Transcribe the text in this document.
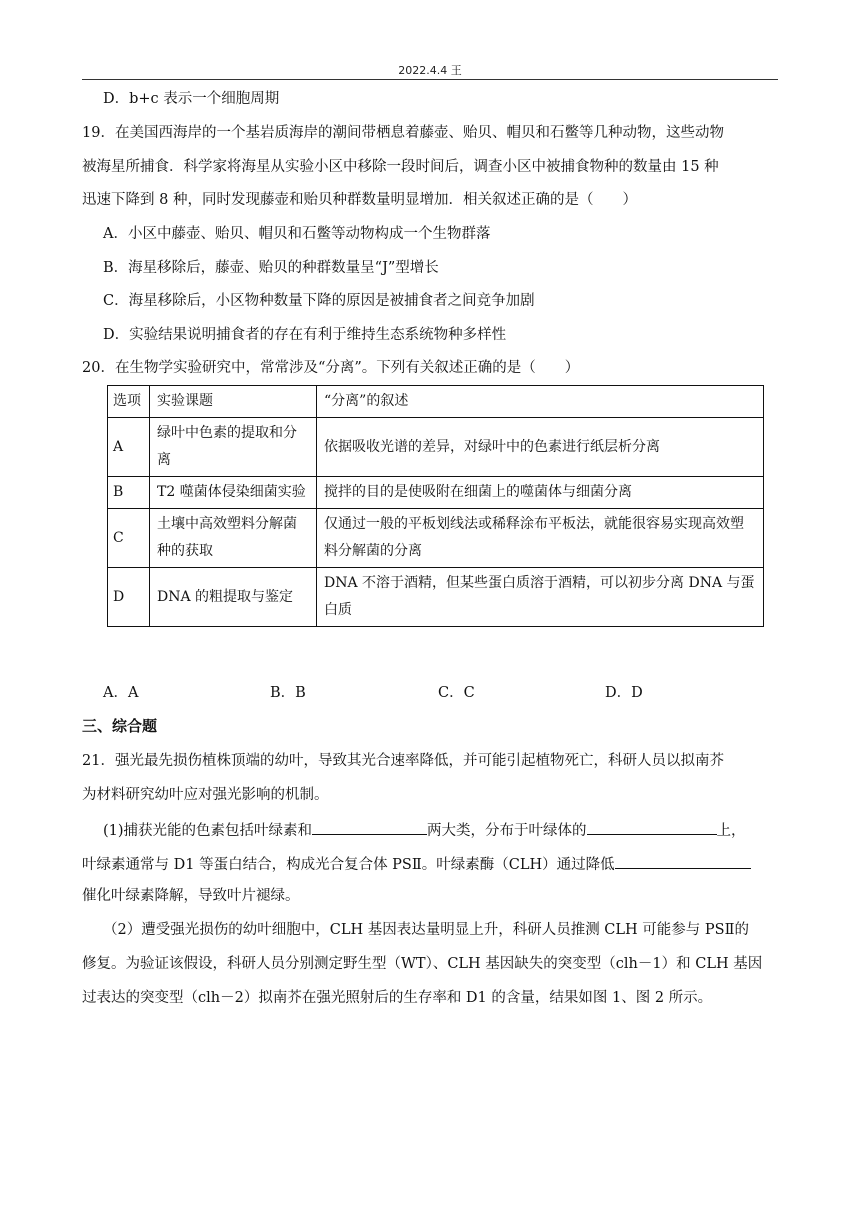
2022.4.4 王
D．b+c 表示一个细胞周期
19．在美国西海岸的一个基岩质海岸的潮间带栖息着藤壶、贻贝、帽贝和石鳖等几种动物，这些动物
被海星所捕食．科学家将海星从实验小区中移除一段时间后，调查小区中被捕食物种的数量由 15 种
迅速下降到 8 种，同时发现藤壶和贻贝种群数量明显增加．相关叙述正确的是（　　）
A．小区中藤壶、贻贝、帽贝和石鳖等动物构成一个生物群落
B．海星移除后，藤壶、贻贝的种群数量呈“J”型增长
C．海星移除后，小区物种数量下降的原因是被捕食者之间竞争加剧
D．实验结果说明捕食者的存在有利于维持生态系统物种多样性
20．在生物学实验研究中，常常涉及“分离”。下列有关叙述正确的是（　　）
选项	实验课题	“分离”的叙述
A	绿叶中色素的提取和分离	依据吸收光谱的差异，对绿叶中的色素进行纸层析分离
B	T2 噬菌体侵染细菌实验	搅拌的目的是使吸附在细菌上的噬菌体与细菌分离
C	土壤中高效塑料分解菌种的获取	仅通过一般的平板划线法或稀释涂布平板法，就能很容易实现高效塑料分解菌的分离
D	DNA 的粗提取与鉴定	DNA 不溶于酒精，但某些蛋白质溶于酒精，可以初步分离 DNA 与蛋白质
A．A	B．B	C．C	D．D
三、综合题
21．强光最先损伤植株顶端的幼叶，导致其光合速率降低，并可能引起植物死亡，科研人员以拟南芥
为材料研究幼叶应对强光影响的机制。
(1)捕获光能的色素包括叶绿素和	两大类，分布于叶绿体的	上，
叶绿素通常与 D1 等蛋白结合，构成光合复合体 PSⅡ。叶绿素酶（CLH）通过降低
催化叶绿素降解，导致叶片褪绿。
（2）遭受强光损伤的幼叶细胞中，CLH 基因表达量明显上升，科研人员推测 CLH 可能参与 PSⅡ的
修复。为验证该假设，科研人员分别测定野生型（WT）、CLH 基因缺失的突变型（clh－1）和 CLH 基因
过表达的突变型（clh－2）拟南芥在强光照射后的生存率和 D1 的含量，结果如图 1、图 2 所示。
